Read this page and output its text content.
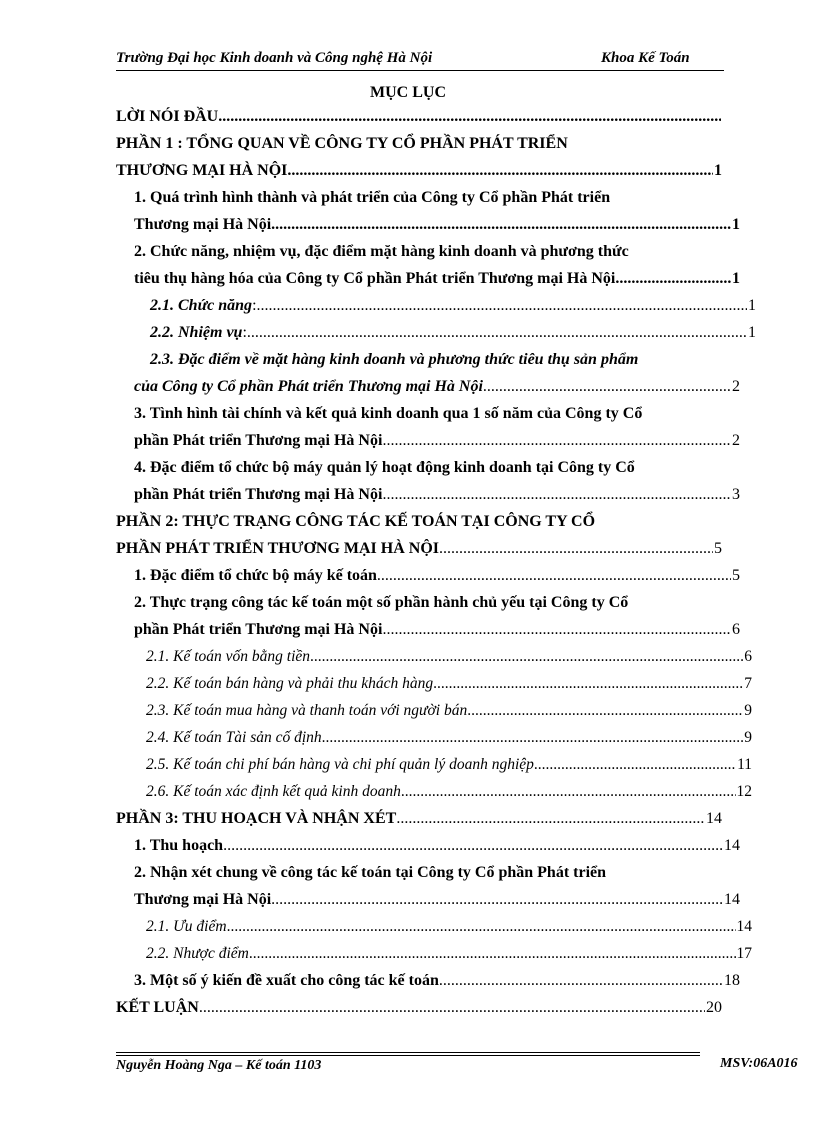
Trường Đại học Kinh doanh và Công nghệ Hà Nội	Khoa Kế Toán
MỤC LỤC
LỜI NÓI ĐẦU
.....
PHẦN 1 : TỔNG QUAN VỀ CÔNG TY CỔ PHẦN PHÁT TRIỂN
THƯƠNG MẠI HÀ NỘI .....	1
1. Quá trình hình thành và phát triển của Công ty Cổ phần Phát triển
Thương mại Hà Nội .....	1
2. Chức năng, nhiệm vụ, đặc điểm mặt hàng kinh doanh và phương thức
tiêu thụ hàng hóa của Công ty Cổ phần Phát triển Thương mại Hà Nội .....	1
2.1. Chức năng : .....	1
2.2. Nhiệm vụ : .....	1
2.3. Đặc điểm về mặt hàng kinh doanh và phương thức tiêu thụ sản phẩm
của Công ty Cổ phần Phát triển Thương mại Hà Nội .....	2
3. Tình hình tài chính và kết quả kinh doanh qua 1 số năm của Công ty Cổ
phần Phát triển Thương mại Hà Nội .....	2
4. Đặc điểm tổ chức bộ máy quản lý hoạt động kinh doanh tại Công ty Cổ
phần Phát triển Thương mại Hà Nội .....	3
PHẦN 2: THỰC TRẠNG CÔNG TÁC KẾ TOÁN TẠI CÔNG TY CỔ
PHẦN PHÁT TRIỂN THƯƠNG MẠI HÀ NỘI .....	5
1. Đặc điểm tổ chức bộ máy kế toán .....	5
2. Thực trạng công tác kế toán một số phần hành chủ yếu tại Công ty Cổ
phần Phát triển Thương mại Hà Nội .....	6
2.1. Kế toán vốn bằng tiền .....	6
2.2. Kế toán bán hàng và phải thu khách hàng .....	7
2.3. Kế toán mua hàng và thanh toán với người bán .....	9
2.4. Kế toán Tài sản cố định .....	9
2.5. Kế toán chi phí bán hàng và chi phí quản lý doanh nghiệp .....	11
2.6. Kế toán xác định kết quả kinh doanh .....	12
PHẦN 3: THU HOẠCH VÀ NHẬN XÉT .....	14
1. Thu hoạch .....	14
2. Nhận xét chung về công tác kế toán tại Công ty Cổ phần Phát triển
Thương mại Hà Nội .....	14
2.1. Ưu điểm .....	14
2.2. Nhược điểm .....	17
3. Một số ý kiến đề xuất cho công tác kế toán .....	18
KẾT LUẬN .....	20
Nguyễn Hoàng Nga – Kế toán 1103	MSV:06A016
